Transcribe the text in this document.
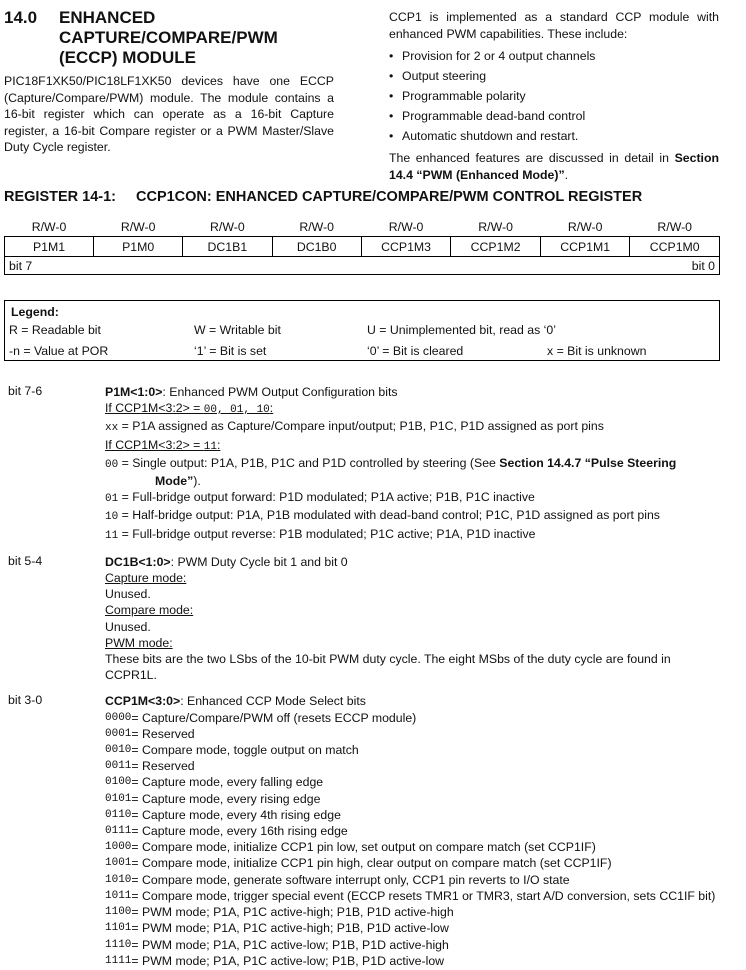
14.0	ENHANCED
CAPTURE/COMPARE/PWM
(ECCP) MODULE
PIC18F1XK50/PIC18LF1XK50 devices have one ECCP (Capture/Compare/PWM) module. The module contains a 16-bit register which can operate as a 16-bit Capture register, a 16-bit Compare register or a PWM Master/Slave Duty Cycle register.
CCP1 is implemented as a standard CCP module with enhanced PWM capabilities. These include:
• Provision for 2 or 4 output channels
• Output steering
• Programmable polarity
• Programmable dead-band control
• Automatic shutdown and restart.
The enhanced features are discussed in detail in Section 14.4 “PWM (Enhanced Mode)”.
REGISTER 14-1: CCP1CON: ENHANCED CAPTURE/COMPARE/PWM CONTROL REGISTER
R/W-0	R/W-0	R/W-0	R/W-0	R/W-0	R/W-0	R/W-0	R/W-0
P1M1	P1M0	DC1B1	DC1B0	CCP1M3	CCP1M2	CCP1M1	CCP1M0

bit 7 bit 0							
Legend:
R = Readable bit	W = Writable bit	U = Unimplemented bit, read as ‘0’
-n = Value at POR	‘1’ = Bit is set	‘0’ = Bit is cleared	x = Bit is unknown
bit 7-6	P1M<1:0>: Enhanced PWM Output Configuration bits
If CCP1M<3:2> = 00, 01, 10:
xx = P1A assigned as Capture/Compare input/output; P1B, P1C, P1D assigned as port pins
If CCP1M<3:2> = 11:
00 = Single output: P1A, P1B, P1C and P1D controlled by steering (See Section 14.4.7 “Pulse Steering Mode”).
01 = Full-bridge output forward: P1D modulated; P1A active; P1B, P1C inactive
10 = Half-bridge output: P1A, P1B modulated with dead-band control; P1C, P1D assigned as port pins
11 = Full-bridge output reverse: P1B modulated; P1C active; P1A, P1D inactive
bit 5-4	DC1B<1:0>: PWM Duty Cycle bit 1 and bit 0
Capture mode:
Unused.
Compare mode:
Unused.
PWM mode:
These bits are the two LSbs of the 10-bit PWM duty cycle. The eight MSbs of the duty cycle are found in CCPR1L.
bit 3-0	CCP1M<3:0>: Enhanced CCP Mode Select bits
0000 = Capture/Compare/PWM off (resets ECCP module)
0001 = Reserved
0010 = Compare mode, toggle output on match
0011 = Reserved
0100 = Capture mode, every falling edge
0101 = Capture mode, every rising edge
0110 = Capture mode, every 4th rising edge
0111 = Capture mode, every 16th rising edge
1000 = Compare mode, initialize CCP1 pin low, set output on compare match (set CCP1IF)
1001 = Compare mode, initialize CCP1 pin high, clear output on compare match (set CCP1IF)
1010 = Compare mode, generate software interrupt only, CCP1 pin reverts to I/O state
1011 = Compare mode, trigger special event (ECCP resets TMR1 or TMR3, start A/D conversion, sets CC1IF bit)
1100 = PWM mode; P1A, P1C active-high; P1B, P1D active-high
1101 = PWM mode; P1A, P1C active-high; P1B, P1D active-low
1110 = PWM mode; P1A, P1C active-low; P1B, P1D active-high
1111 = PWM mode; P1A, P1C active-low; P1B, P1D active-low
